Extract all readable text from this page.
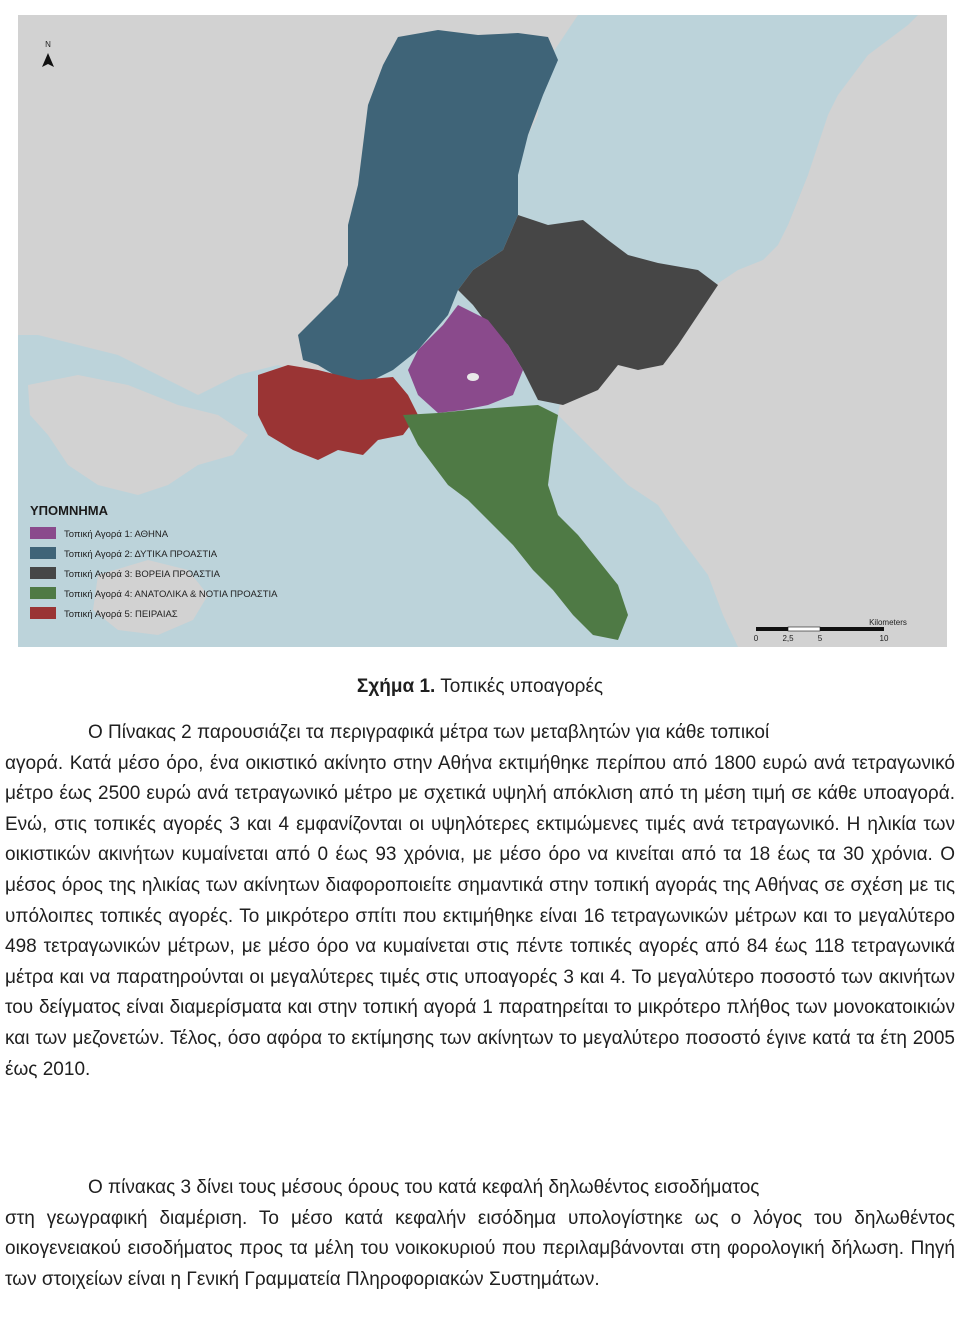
N
ΥΠΟΜΝΗΜΑ
Τοπική Αγορά 1: ΑΘΗΝΑ
Τοπική Αγορά 2: ΔΥΤΙΚΑ ΠΡΟΑΣΤΙΑ
Τοπική Αγορά 3: ΒΟΡΕΙΑ ΠΡΟΑΣΤΙΑ
Τοπική Αγορά 4: ΑΝΑΤΟΛΙΚΑ & ΝΟΤΙΑ ΠΡΟΑΣΤΙΑ
Τοπική Αγορά 5: ΠΕΙΡΑΙΑΣ
Kilometers
0	2,5	5	10
Σχήμα 1. Τοπικές υποαγορές

Ο Πίνακας 2 παρουσιάζει τα περιγραφικά μέτρα των μεταβλητών για κάθε τοπικοί
αγορά. Κατά μέσο όρο, ένα οικιστικό ακίνητο στην Αθήνα εκτιμήθηκε περίπου από 1800 ευρώ ανά τετραγωνικό μέτρο έως 2500 ευρώ ανά τετραγωνικό μέτρο με σχετικά υψηλή απόκλιση από τη μέση τιμή σε κάθε υποαγορά. Ενώ, στις τοπικές αγορές 3 και 4 εμφανίζονται οι υψηλότερες εκτιμώμενες τιμές ανά τετραγωνικό. Η ηλικία των οικιστικών ακινήτων κυμαίνεται από 0 έως 93 χρόνια, με μέσο όρο να κινείται από τα 18 έως τα 30 χρόνια. Ο μέσος όρος της ηλικίας των ακίνητων διαφοροποιείτε σημαντικά στην τοπική αγοράς της Αθήνας σε σχέση με τις υπόλοιπες τοπικές αγορές. Το μικρότερο σπίτι που εκτιμήθηκε είναι 16 τετραγωνικών μέτρων και το μεγαλύτερο 498 τετραγωνικών μέτρων, με μέσο όρο να κυμαίνεται στις πέντε τοπικές αγορές από 84 έως 118 τετραγωνικά μέτρα και να παρατηρούνται οι μεγαλύτερες τιμές στις υποαγορές 3 και 4. Το μεγαλύτερο ποσοστό των ακινήτων του δείγματος είναι διαμερίσματα και στην τοπική αγορά 1 παρατηρείται το μικρότερο πλήθος των μονοκατοικιών και των μεζονετών. Τέλος, όσο αφόρα το εκτίμησης των ακίνητων το μεγαλύτερο ποσοστό έγινε κατά τα έτη 2005 έως 2010.

Ο πίνακας 3 δίνει τους μέσους όρους του κατά κεφαλή δηλωθέντος εισοδήματος
στη γεωγραφική διαμέριση. Το μέσο κατά κεφαλήν εισόδημα υπολογίστηκε ως ο λόγος του δηλωθέντος οικογενειακού εισοδήματος προς τα μέλη του νοικοκυριού που περιλαμβάνονται στη φορολογική δήλωση. Πηγή των στοιχείων είναι η Γενική Γραμματεία Πληροφοριακών Συστημάτων.
